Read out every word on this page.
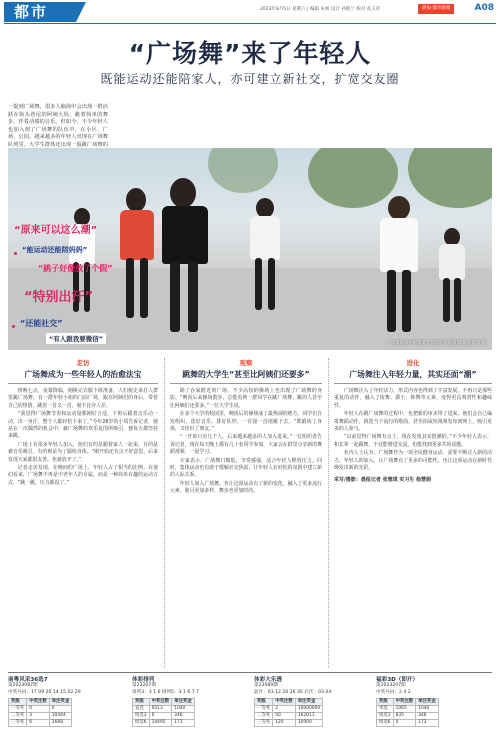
都市	2023年8月5日 星期六 | 编辑 朱林 设计 孙鹤兰 校对 高玉萍	晨报·都市新闻	A08
“广场舞”来了年轻人
既能运动还能陪家人，亦可建立新社交，扩宽交友圈
一提到广场舞，很多人脑海中会出现一群活跃在街头巷尾的阿姨大妈，跳着简单的舞步，伴着动感的音乐。但如今，不少年轻人也加入到了广场舞的队伍中，在小区、广场、公园，越来越多的年轻人出现在广场舞队列里，大学生群体还出现一股跳广场舞的
广场舞队伍中经常能见到年轻人的身影 晨报记者 摄
“原来可以这么潮”
“能运动还能陪妈妈”
“跳子好像放了个假”
“特别出汗”
“还能社交”
“有人跟我要微信”
走访
广场舞成为一些年轻人的治愈法宝

傍晚七点，夜幕降临，刚换完衣服下班准备，人们便走来打人群里跳广场舞，有一群年轻小姐的门前广场，跟在阿姨们的身后，带着自己的热情，跳着一首又一首，毫不比旁人差。

“我觉得广场舞节奏和运动量都刚好合适，下班后跟着音乐动一动，出一身汗，整个人都轻松下来了。”今年26岁的小周告诉记者，她是在一次偶然的机会中，被广场舞的欢乐氛围所吸引，便每天都坚持来跳。

广场上有很多年轻人加入，他们有的是跟着家人一起来，有的是被音乐吸引，有的则是为了锻炼身体。“刚开始还有点不好意思，后来发现大家都很友善，也就放开了。”

记者走访发现，在晚间的广场上，年轻人占了相当的比例。在他们看来，广场舞不再是中老年人的专属，而是一种简单有趣的运动方式，“跳一跳，压力都没了。”

观察
跳舞的大学生“甚至比阿姨们还要多”

除了在家附近的广场，不少高校的操场上也出现了广场舞的身影。“晚饭后来操场散步，总能看到一群同学在跳广场舞，跳的人甚至比阿姨们还要多。”一位大学生说。

在多个大学的校园里，晚饭后的操场成了最热闹的地方。同学们自发组织，选好音乐，排好队形，一首接一首地跳下去，“既锻炼了身体，又结识了朋友。”

“一开始只有几个人，后来越来越多的人加入进来。”一位组织者告诉记者，现在每天晚上都有几十名同学参加，大家会在群里分享新的舞蹈视频，一起学习。

专家表示，广场舞门槛低、节奏感强，适合年轻人释放压力。同时，集体运动也有助于缓解社交焦虑，让年轻人在轻松的氛围中建立新的人际关系。

年轻人加入广场舞，也让这项运动有了新的变化，融入了更多流行元素，曲目更加多样，舞步也更加时尚。

进化
广场舞注入年轻力量，其实还面“潮”

广场舞注入了年轻活力，形式内容也得到了丰富发展。不再只是那些重复的动作，融入了街舞、爵士、韩舞等元素，变得更具观赏性和趣味性。

年轻人在跳广场舞的过程中，也把新的审美带了进来。他们会自己编排舞蹈动作，挑选当下流行的歌曲，甚至拍成短视频发布到网上，吸引更多的人参与。

“以前觉得广场舞有点土，现在发现其实挺潮的。”不少年轻人表示，和长辈一起跳舞，不仅能增进交流，也能找到更多共同话题。

业内人士认为，广场舞作为一项全民健身运动，需要不断注入新的活力。年轻人的加入，让广场舞有了更多的可能性，也让这项运动在新时代焕发出新的光彩。

采写/摄影：晨报记者 张雅琪 实习生 杨慧娟
南粤风采36选7
第2023087期
中奖号码：17 09 20 14 15 02 29
奖级	中奖注数	单注奖金
一等奖	0	0
二等奖	3	10444
三等奖	6	2668
体彩排列
第23207期
排列3：3 1 6 排列5：3 1 6 7 7
奖级	中奖注数	单注奖金
直选	6513	1040
组选3	0	346
组选6	14495	173
体彩大乐透
第23089期
前区：03 12 20 26 35 后区：03 04
奖级	中奖注数	单注奖金
一等奖	2	10000000
二等奖	50	162011
三等奖	120	10000
福彩3D（即开）
第2023207期
中奖号码：2 4 2
奖级	中奖注数	单注奖金
单选	1065	1040
组选3	835	346
组选6	0	173
